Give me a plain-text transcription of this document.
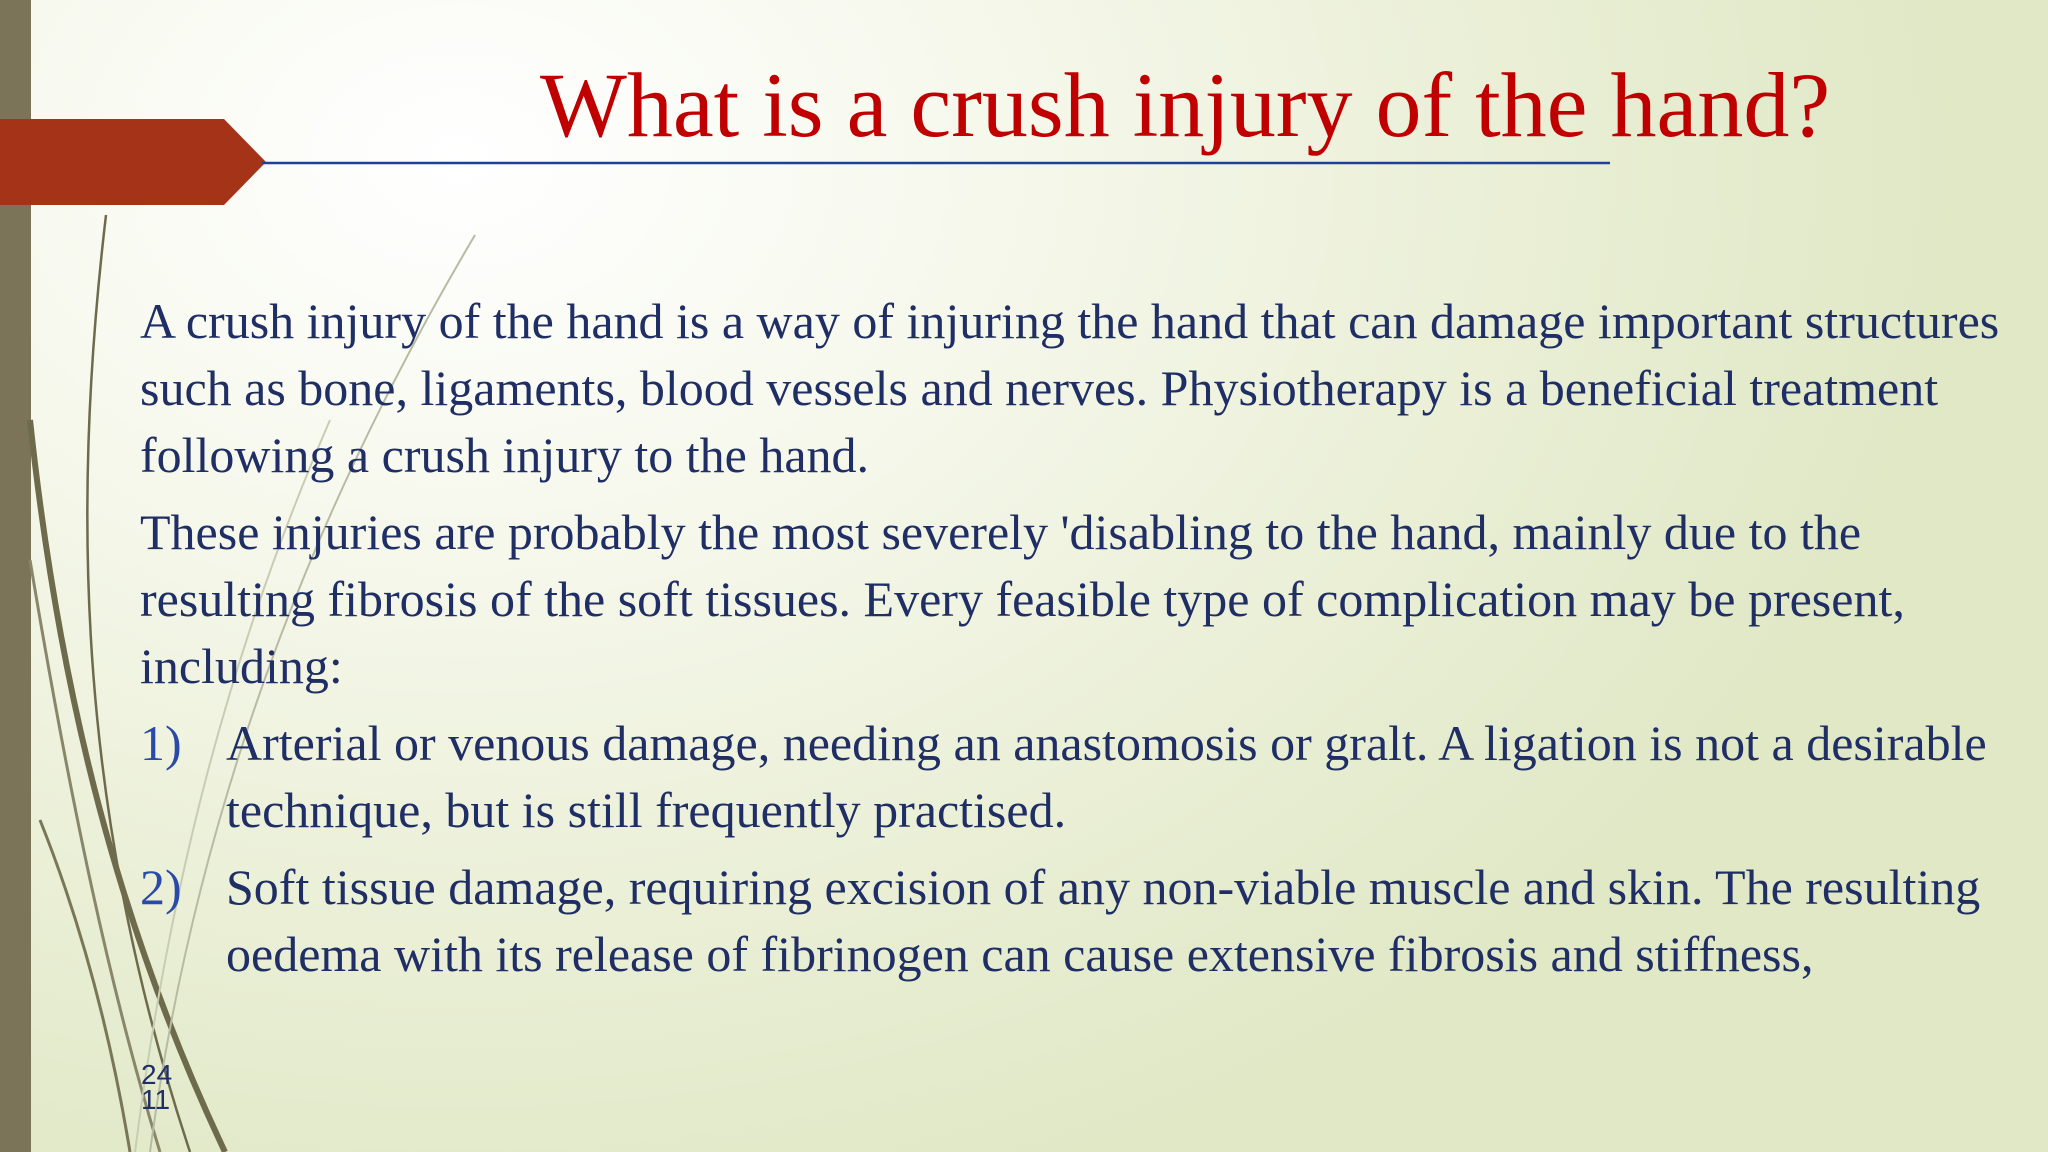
What is a crush injury of the hand?

A crush injury of the hand is a way of injuring the hand that can damage important structures such as bone, ligaments, blood vessels and nerves. Physiotherapy is a beneficial treatment following a crush injury to the hand.

These injuries are probably the most severely 'disabling to the hand, mainly due to the resulting fibrosis of the soft tissues. Every feasible type of complication may be present, including:

1) Arterial or venous damage, needing an anastomosis or gralt. A ligation is not a desirable technique, but is still frequently practised.
2) Soft tissue damage, requiring excision of any non-viable muscle and skin. The resulting oedema with its release of fibrinogen can cause extensive fibrosis and stiffness,
24
11
